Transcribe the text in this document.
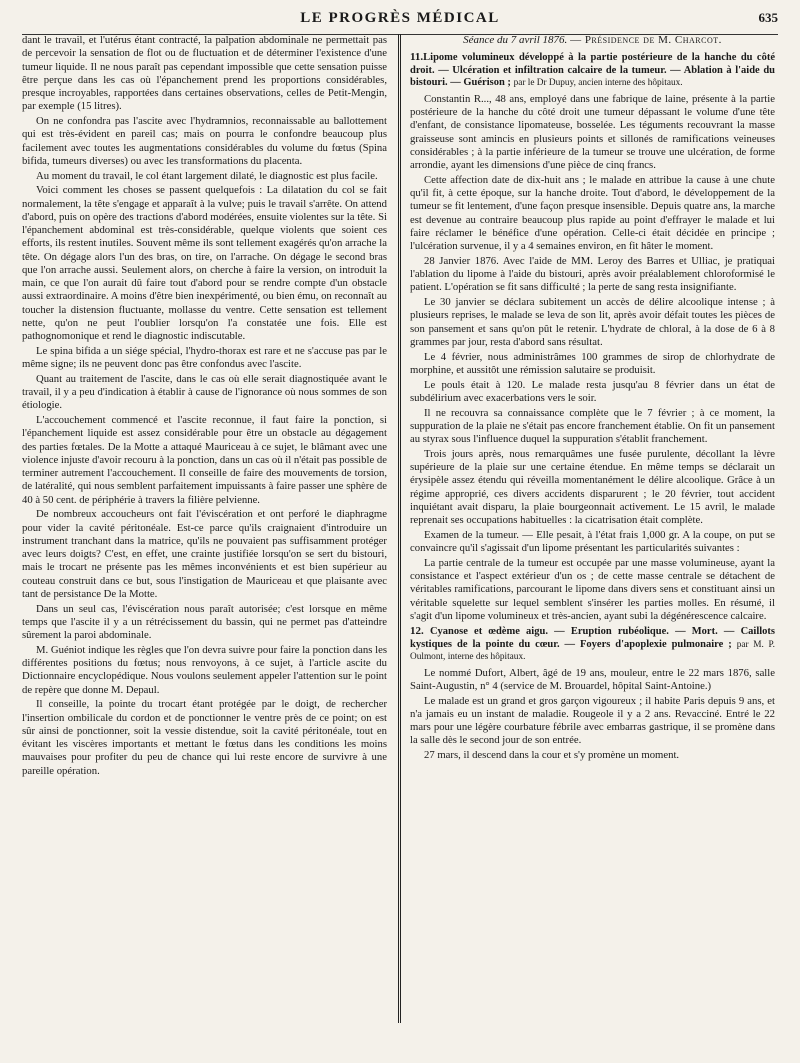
LE PROGRÈS MÉDICAL	635

dant le travail, et l'utérus étant contracté, la palpation abdominale ne permettait pas de percevoir la sensation de flot ou de fluctuation et de déterminer l'existence d'une tumeur liquide. Il ne nous paraît pas cependant impossible que cette sensation puisse être perçue dans les cas où l'épanchement prend les proportions considérables, presque incroyables, rapportées dans certaines observations, celles de Petit-Mengin, par exemple (15 litres).

On ne confondra pas l'ascite avec l'hydramnios, reconnaissable au ballottement qui est très-évident en pareil cas; mais on pourra le confondre beaucoup plus facilement avec toutes les augmentations considérables du volume du fœtus (Spina bifida, tumeurs diverses) ou avec les transformations du placenta.

Au moment du travail, le col étant largement dilaté, le diagnostic est plus facile.

Voici comment les choses se passent quelquefois : La dilatation du col se fait normalement, la tête s'engage et apparaît à la vulve; puis le travail s'arrête. On attend d'abord, puis on opère des tractions d'abord modérées, ensuite violentes sur la tête. Si l'épanchement abdominal est très-considérable, quelque violents que soient ces efforts, ils restent inutiles. Souvent même ils sont tellement exagérés qu'on arrache la tête. On dégage alors l'un des bras, on tire, on l'arrache. On dégage le second bras que l'on arrache aussi. Seulement alors, on cherche à faire la version, on introduit la main, ce que l'on aurait dû faire tout d'abord pour se rendre compte d'un obstacle aussi extraordinaire. A moins d'être bien inexpérimenté, ou bien ému, on reconnaît au toucher la distension fluctuante, mollasse du ventre. Cette sensation est tellement nette, qu'on ne peut l'oublier lorsqu'on l'a constatée une fois. Elle est pathognomonique et rend le diagnostic indiscutable.

Le spina bifida a un siége spécial, l'hydro-thorax est rare et ne s'accuse pas par le même signe; ils ne peuvent donc pas être confondus avec l'ascite.

Quant au traitement de l'ascite, dans le cas où elle serait diagnostiquée avant le travail, il y a peu d'indication à établir à cause de l'ignorance où nous sommes de son étiologie.

L'accouchement commencé et l'ascite reconnue, il faut faire la ponction, si l'épanchement liquide est assez considérable pour être un obstacle au dégagement des parties fœtales. De la Motte a attaqué Mauriceau à ce sujet, le blâmant avec une violence injuste d'avoir recouru à la ponction, dans un cas où il n'était pas possible de terminer autrement l'accouchement. Il conseille de faire des mouvements de torsion, de latéralité, qui nous semblent parfaitement impuissants à faire passer une sphère de 40 à 50 cent. de périphérie à travers la filière pelvienne.

De nombreux accoucheurs ont fait l'éviscération et ont perforé le diaphragme pour vider la cavité péritonéale. Est-ce parce qu'ils craignaient d'introduire un instrument tranchant dans la matrice, qu'ils ne pouvaient pas suffisamment protéger avec leurs doigts? C'est, en effet, une crainte justifiée lorsqu'on se sert du bistouri, mais le trocart ne présente pas les mêmes inconvénients et est bien supérieur au couteau construit dans ce but, sous l'instigation de Mauriceau et que plaisante avec tant de persistance De la Motte.

Dans un seul cas, l'éviscération nous paraît autorisée; c'est lorsque en même temps que l'ascite il y a un rétrécissement du bassin, qui ne permet pas d'atteindre sûrement la paroi abdominale.

M. Guéniot indique les règles que l'on devra suivre pour faire la ponction dans les différentes positions du fœtus; nous renvoyons, à ce sujet, à l'article ascite du Dictionnaire encyclopédique. Nous voulons seulement appeler l'attention sur le point de repère que donne M. Depaul.

Il conseille, la pointe du trocart étant protégée par le doigt, de rechercher l'insertion ombilicale du cordon et de ponctionner le ventre près de ce point; on est sûr ainsi de ponctionner, soit la vessie distendue, soit la cavité péritonéale, tout en évitant les viscères importants et mettant le fœtus dans les conditions les moins mauvaises pour profiter du peu de chance qui lui reste encore de survivre à une pareille opération.

Séance du 7 avril 1876. — Présidence de M. Charcot.

11.Lipome volumineux développé à la partie postérieure de la hanche du côté droit. — Ulcération et infiltration calcaire de la tumeur. — Ablation à l'aide du bistouri. — Guérison ; par le Dr Dupuy, ancien interne des hôpitaux.

Constantin R..., 48 ans, employé dans une fabrique de laine, présente à la partie postérieure de la hanche du côté droit une tumeur dépassant le volume d'une tête d'enfant, de consistance lipomateuse, bosselée. Les téguments recouvrant la masse graisseuse sont amincis en plusieurs points et sillonés de ramifications veineuses considérables ; à la partie inférieure de la tumeur se trouve une ulcération, de forme arrondie, ayant les dimensions d'une pièce de cinq francs.

Cette affection date de dix-huit ans ; le malade en attribue la cause à une chute qu'il fit, à cette époque, sur la hanche droite. Tout d'abord, le développement de la tumeur se fit lentement, d'une façon presque insensible. Depuis quatre ans, la marche est devenue au contraire beaucoup plus rapide au point d'effrayer le malade et lui faire réclamer le bénéfice d'une opération. Celle-ci était décidée en principe ; l'ulcération survenue, il y a 4 semaines environ, en fit hâter le moment.

28 Janvier 1876. Avec l'aide de MM. Leroy des Barres et Ulliac, je pratiquai l'ablation du lipome à l'aide du bistouri, après avoir préalablement chloroformisé le patient. L'opération se fit sans difficulté ; la perte de sang resta insignifiante.

Le 30 janvier se déclara subitement un accès de délire alcoolique intense ; à plusieurs reprises, le malade se leva de son lit, après avoir défait toutes les pièces de son pansement et sans qu'on pût le retenir. L'hydrate de chloral, à la dose de 6 à 8 grammes par jour, resta d'abord sans résultat.

Le 4 février, nous administrâmes 100 grammes de sirop de chlorhydrate de morphine, et aussitôt une rémission salutaire se produisit.

Le pouls était à 120. Le malade resta jusqu'au 8 février dans un état de subdélirium avec exacerbations vers le soir.

Il ne recouvra sa connaissance complète que le 7 février ; à ce moment, la suppuration de la plaie ne s'était pas encore franchement établie. On fit un pansement au styrax sous l'influence duquel la suppuration s'établit franchement.

Trois jours après, nous remarquâmes une fusée purulente, décollant la lèvre supérieure de la plaie sur une certaine étendue. En même temps se déclarait un érysipèle assez étendu qui réveilla momentanément le délire alcoolique. Grâce à un régime approprié, ces divers accidents disparurent ; le 20 février, tout accident inquiétant avait disparu, la plaie bourgeonnait activement. Le 15 avril, le malade reprenait ses occupations habituelles : la cicatrisation était complète.

Examen de la tumeur. — Elle pesait, à l'état frais 1,000 gr. A la coupe, on put se convaincre qu'il s'agissait d'un lipome présentant les particularités suivantes :

La partie centrale de la tumeur est occupée par une masse volumineuse, ayant la consistance et l'aspect extérieur d'un os ; de cette masse centrale se détachent de véritables ramifications, parcourant le lipome dans divers sens et constituant ainsi un véritable squelette sur lequel semblent s'insérer les parties molles. En résumé, il s'agit d'un lipome volumineux et très-ancien, ayant subi la dégénérescence calcaire.

12. Cyanose et œdème aigu. — Eruption rubéolique. — Mort. — Caillots kystiques de la pointe du cœur. — Foyers d'apoplexie pulmonaire ; par M. P. Oulmont, interne des hôpitaux.

Le nommé Dufort, Albert, âgé de 19 ans, mouleur, entre le 22 mars 1876, salle Saint-Augustin, n° 4 (service de M. Brouardel, hôpital Saint-Antoine.)

Le malade est un grand et gros garçon vigoureux ; il habite Paris depuis 9 ans, et n'a jamais eu un instant de maladie. Rougeole il y a 2 ans. Revacciné. Entré le 22 mars pour une légère courbature fébrile avec embarras gastrique, il se promène dans la salle dès le second jour de son entrée.

27 mars, il descend dans la cour et s'y promène un moment.
